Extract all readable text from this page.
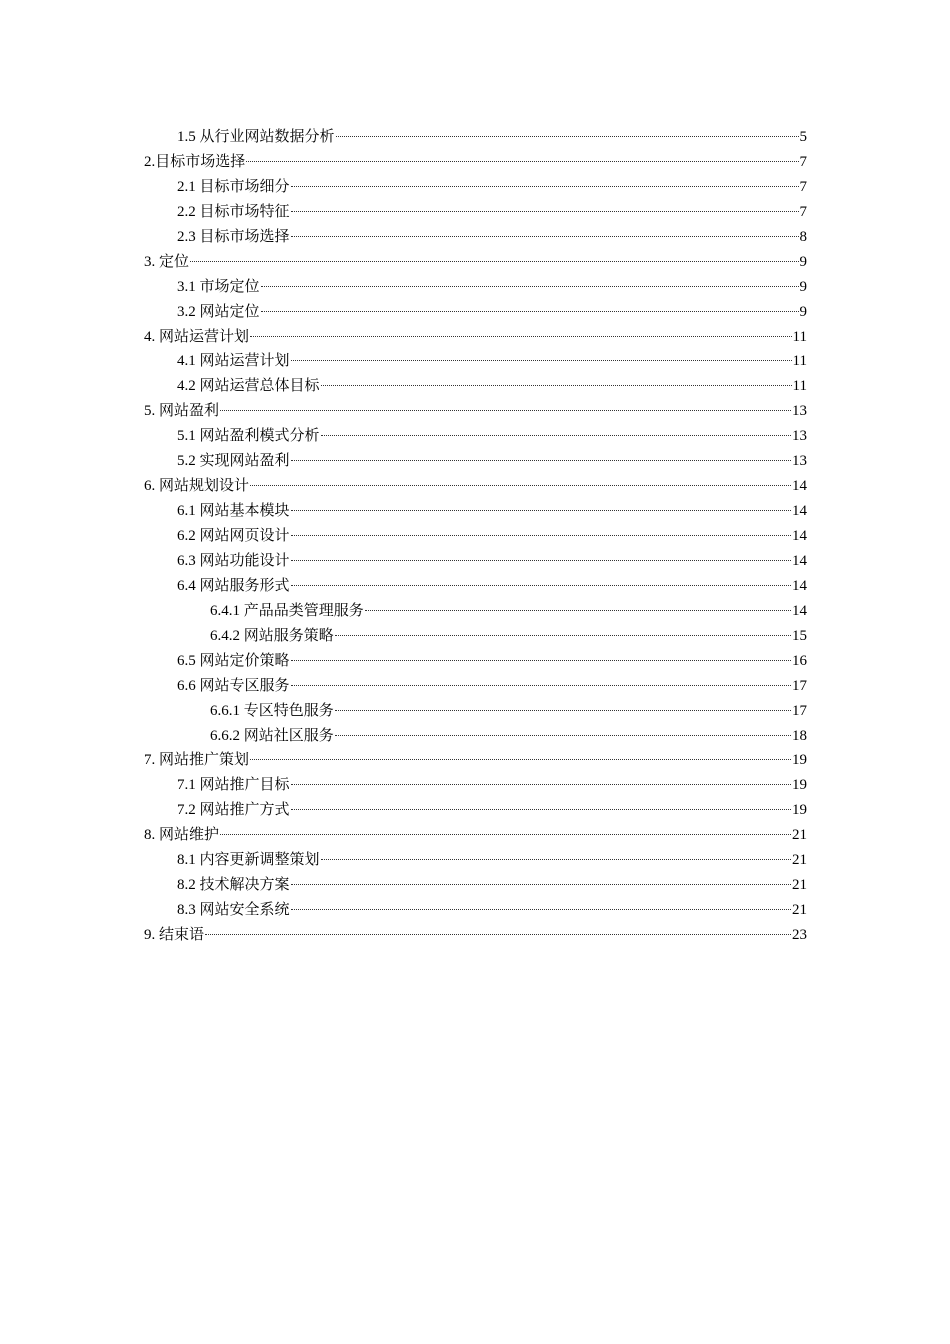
1.5 从行业网站数据分析	5
2.目标市场选择	7
2.1 目标市场细分	7
2.2 目标市场特征	7
2.3 目标市场选择	8
3. 定位	9
3.1 市场定位	9
3.2 网站定位	9
4. 网站运营计划	11
4.1 网站运营计划	11
4.2 网站运营总体目标	11
5. 网站盈利	13
5.1 网站盈利模式分析	13
5.2 实现网站盈利	13
6. 网站规划设计	14
6.1 网站基本模块	14
6.2 网站网页设计	14
6.3 网站功能设计	14
6.4 网站服务形式	14
6.4.1 产品品类管理服务	14
6.4.2 网站服务策略	15
6.5 网站定价策略	16
6.6 网站专区服务	17
6.6.1 专区特色服务	17
6.6.2 网站社区服务	18
7. 网站推广策划	19
7.1 网站推广目标	19
7.2 网站推广方式	19
8. 网站维护	21
8.1 内容更新调整策划	21
8.2 技术解决方案	21
8.3 网站安全系统	21
9. 结束语	23
